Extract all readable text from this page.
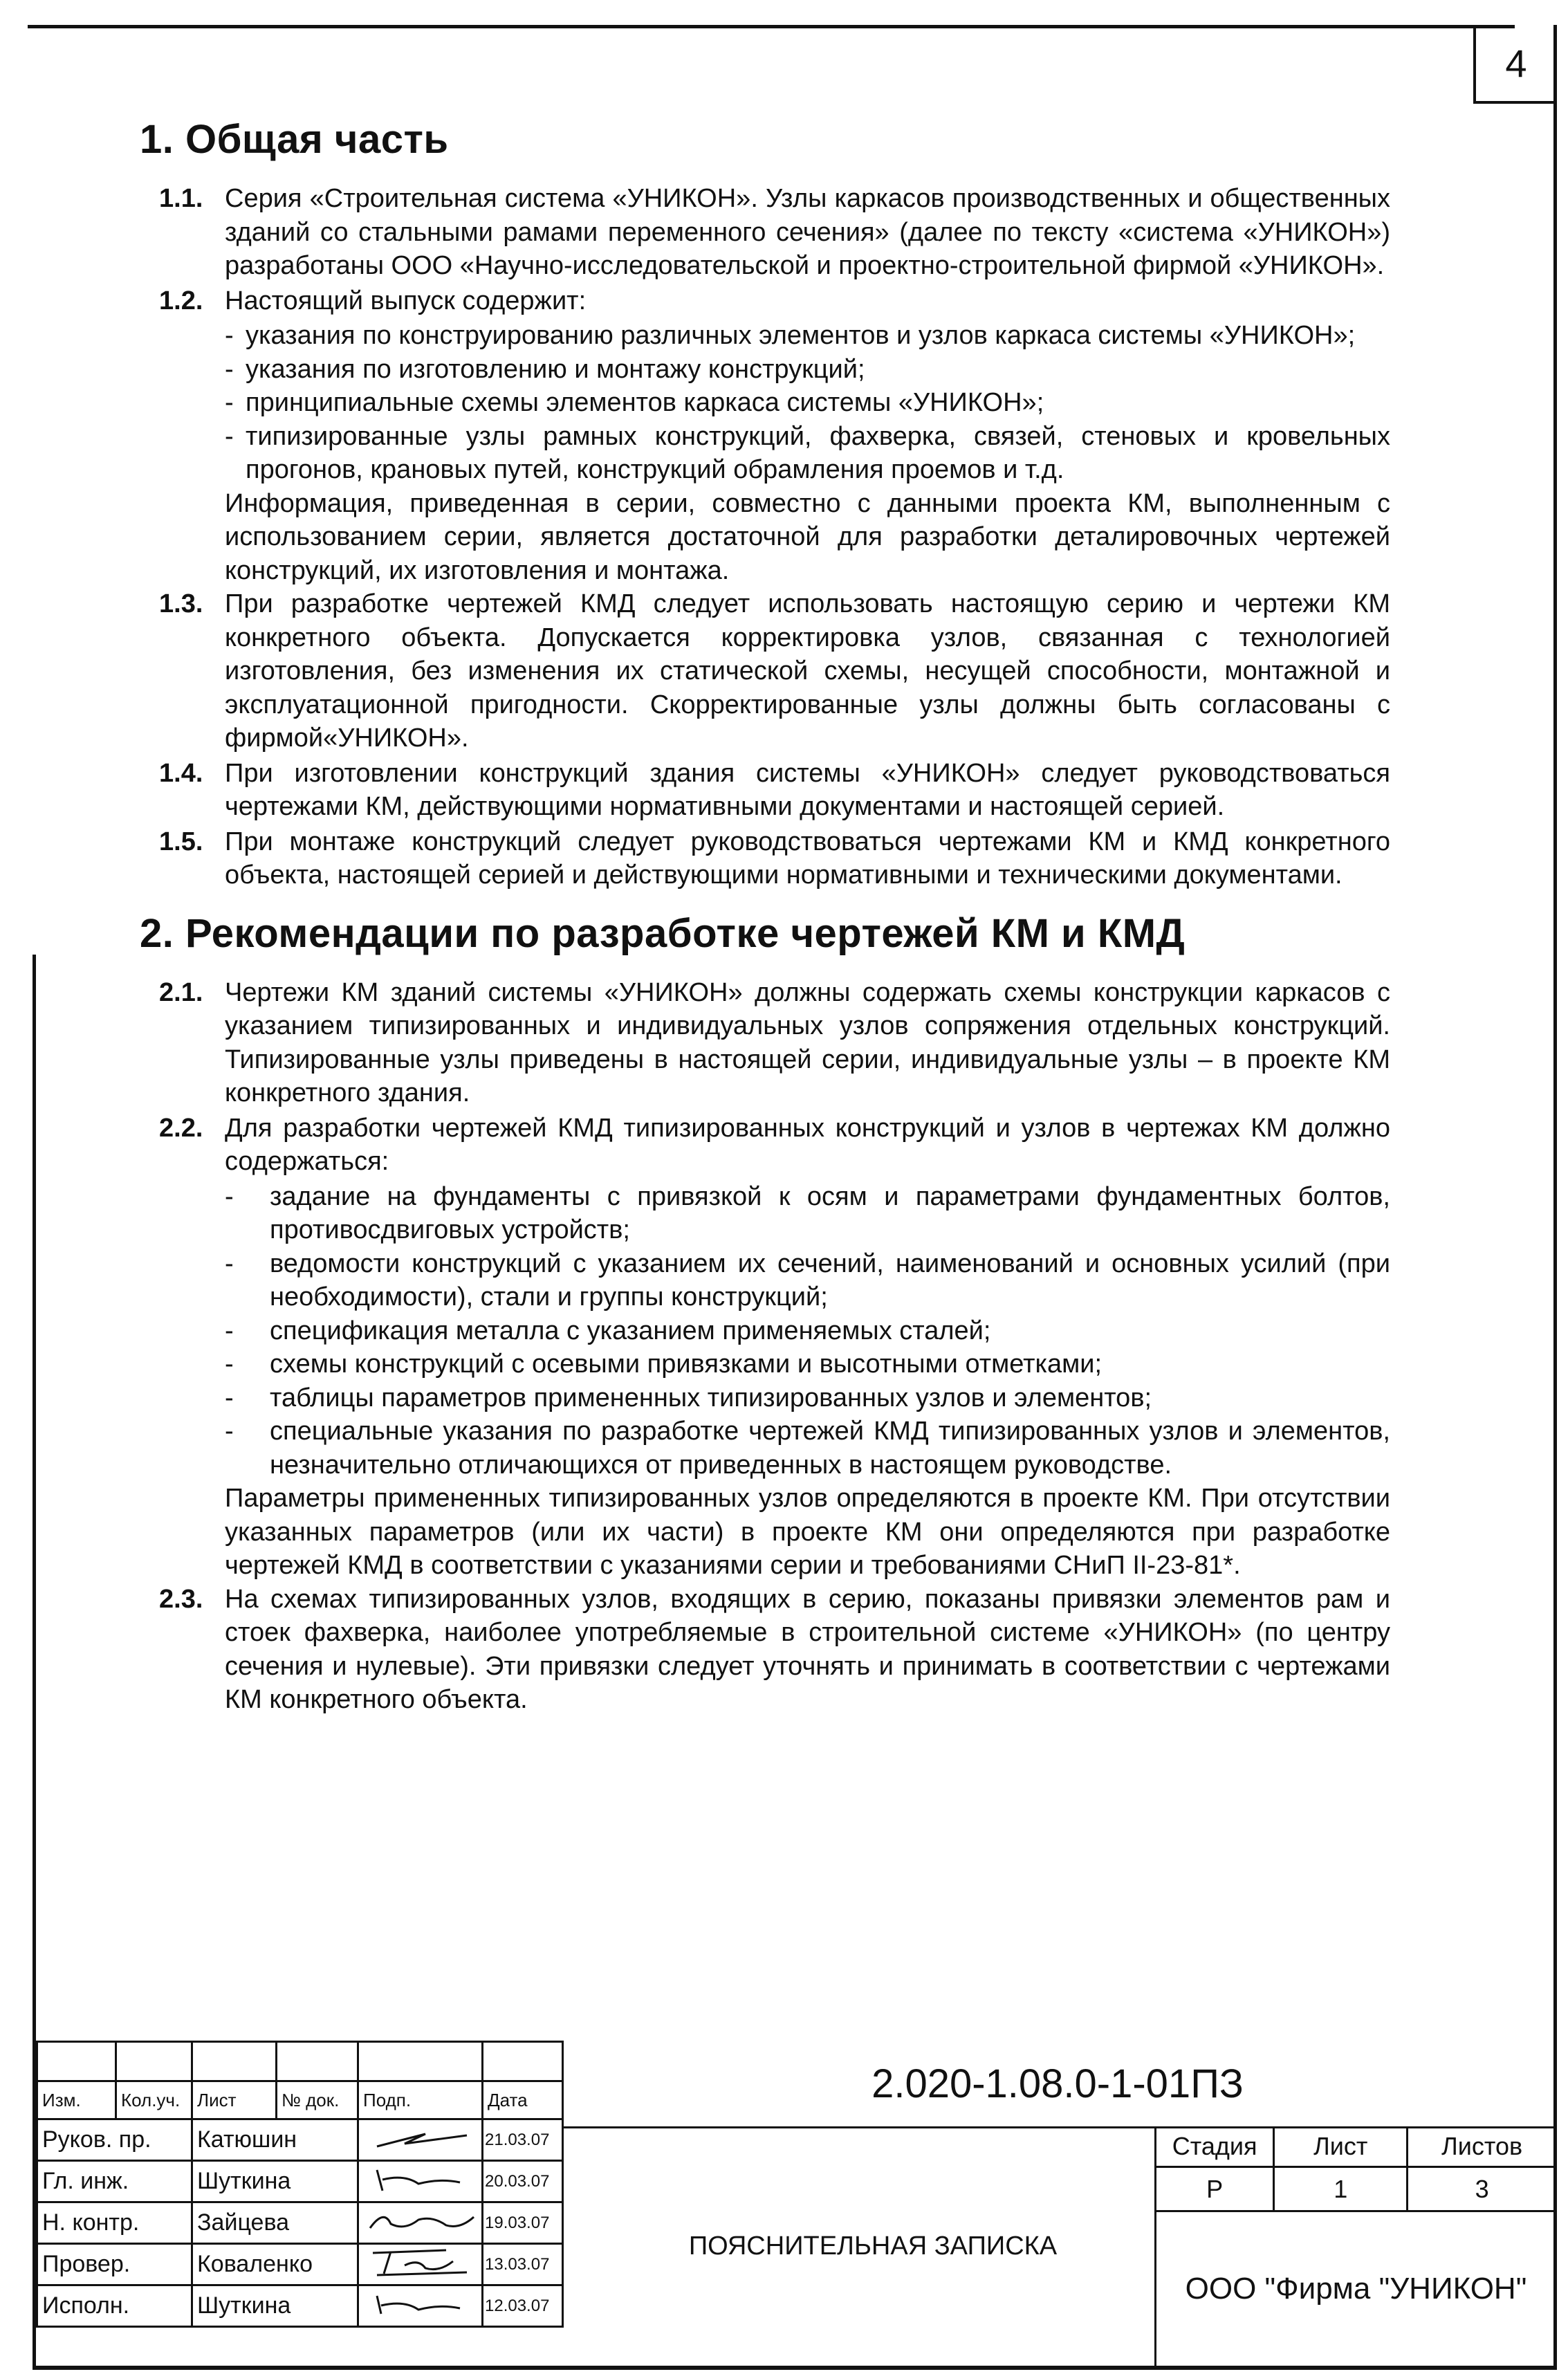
4
1. Общая часть
1.1. Серия «Строительная система «УНИКОН». Узлы каркасов производственных и общественных зданий со стальными рамами переменного сечения» (далее по тексту «система «УНИКОН») разработаны ООО «Научно-исследовательской и проектно-строительной фирмой «УНИКОН».
1.2. Настоящий выпуск содержит:
- указания по конструированию различных элементов и узлов каркаса системы «УНИКОН»;
- указания по изготовлению и монтажу конструкций;
- принципиальные схемы элементов каркаса системы «УНИКОН»;
- типизированные узлы рамных конструкций, фахверка, связей, стеновых и кровельных прогонов, крановых путей, конструкций обрамления проемов и т.д.
Информация, приведенная в серии, совместно с данными проекта КМ, выполненным с использованием серии, является достаточной для разработки деталировочных чертежей конструкций, их изготовления и монтажа.
1.3. При разработке чертежей КМД следует использовать настоящую серию и чертежи КМ конкретного объекта. Допускается корректировка узлов, связанная с технологией изготовления, без изменения их статической схемы, несущей способности, монтажной и эксплуатационной пригодности. Скорректированные узлы должны быть согласованы с фирмой«УНИКОН».
1.4. При изготовлении конструкций здания системы «УНИКОН» следует руководствоваться чертежами КМ, действующими нормативными документами и настоящей серией.
1.5. При монтаже конструкций следует руководствоваться чертежами КМ и КМД конкретного объекта, настоящей серией и действующими нормативными и техническими документами.
2. Рекомендации по разработке чертежей КМ и КМД
2.1. Чертежи КМ зданий системы «УНИКОН» должны содержать схемы конструкции каркасов с указанием типизированных и индивидуальных узлов сопряжения отдельных конструкций. Типизированные узлы приведены в настоящей серии, индивидуальные узлы – в проекте КМ конкретного здания.
2.2. Для разработки чертежей КМД типизированных конструкций и узлов в чертежах КМ должно содержаться:
- задание на фундаменты с привязкой к осям и параметрами фундаментных болтов, противосдвиговых устройств;
- ведомости конструкций с указанием их сечений, наименований и основных усилий (при необходимости), стали и группы конструкций;
- спецификация металла с указанием применяемых сталей;
- схемы конструкций с осевыми привязками и высотными отметками;
- таблицы параметров примененных типизированных узлов и элементов;
- специальные указания по разработке чертежей КМД типизированных узлов и элементов, незначительно отличающихся от приведенных в настоящем руководстве.
Параметры примененных типизированных узлов определяются в проекте КМ. При отсутствии указанных параметров (или их части) в проекте КМ они определяются при разработке чертежей КМД в соответствии с указаниями серии и требованиями СНиП II-23-81*.
2.3. На схемах типизированных узлов, входящих в серию, показаны привязки элементов рам и стоек фахверка, наиболее употребляемые в строительной системе «УНИКОН» (по центру сечения и нулевые). Эти привязки следует уточнять и принимать в соответствии с чертежами КМ конкретного объекта.

Изм.	Кол.уч.	Лист	№ док.	Подп.	Дата
Руков. пр.		Катюшин			21.03.07
Гл. инж.		Шуткина			20.03.07
Н. контр.		Зайцева			19.03.07
Провер.		Коваленко			13.03.07
Исполн.		Шуткина			12.03.07
2.020-1.08.0-1-01ПЗ
ПОЯСНИТЕЛЬНАЯ ЗАПИСКА
Стадия	Лист	Листов
Р	1	3
ООО "Фирма "УНИКОН"
